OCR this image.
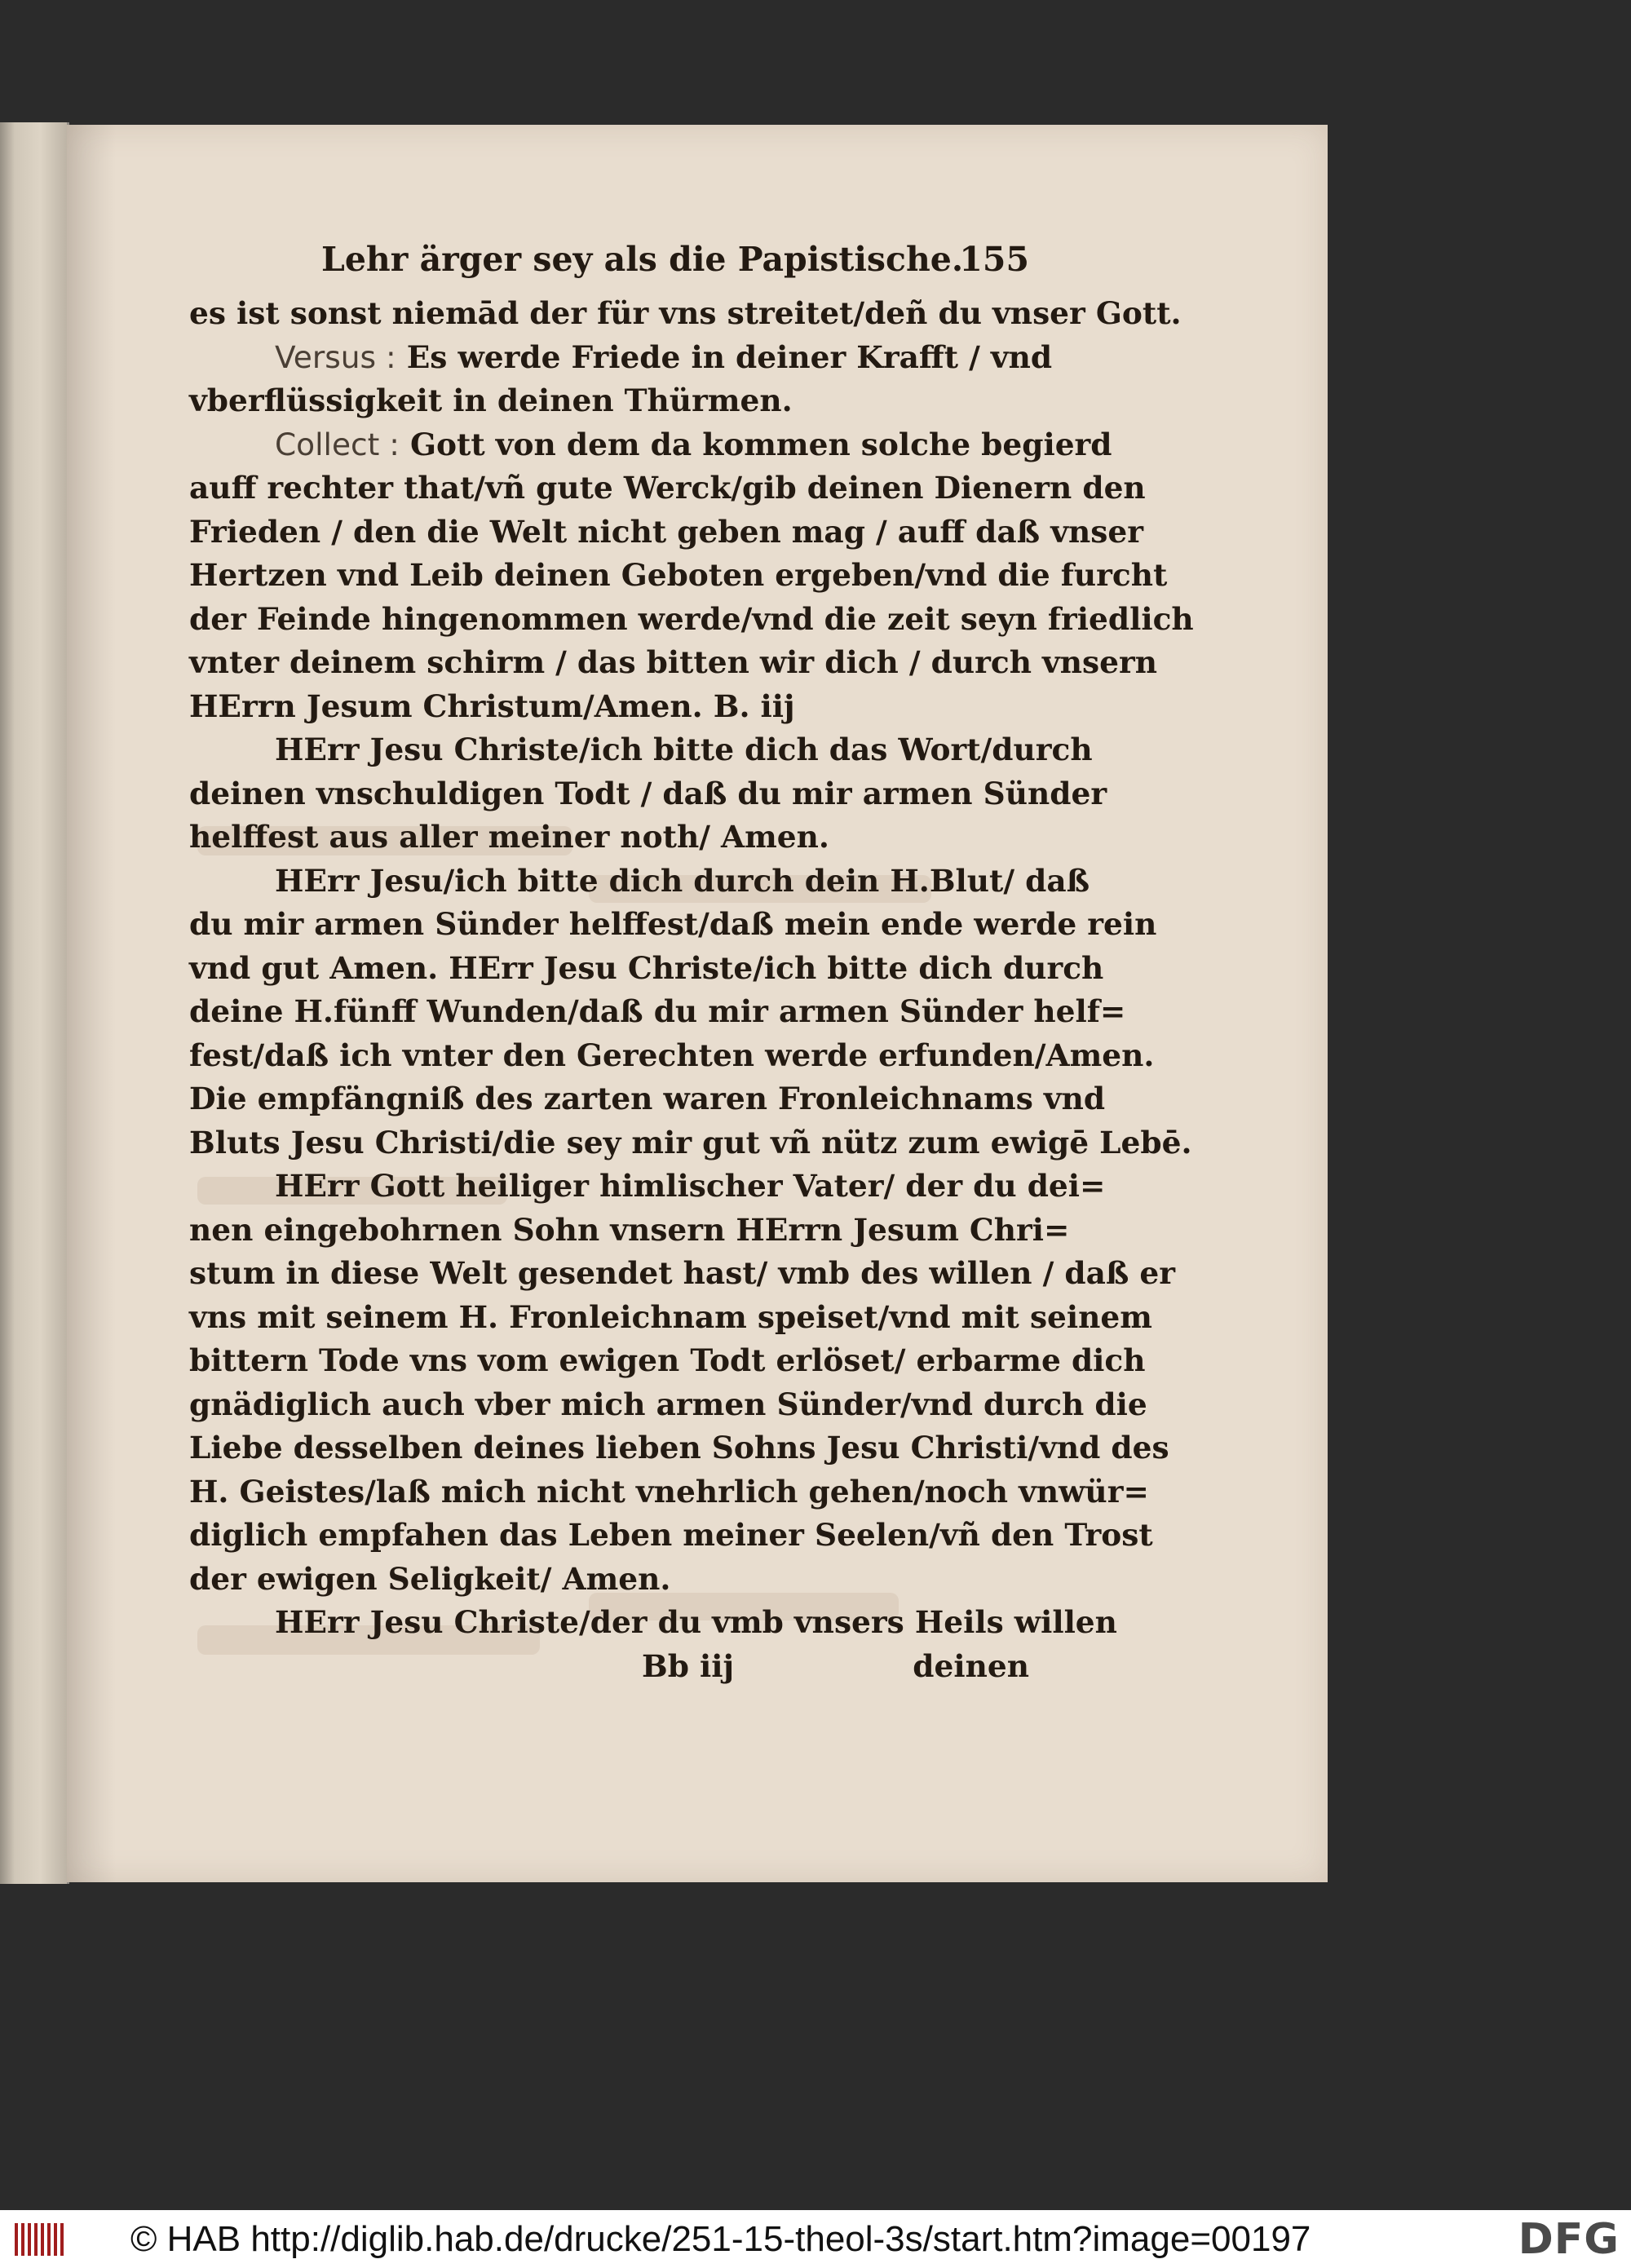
Lehr ärger sey als die Papistische.
155
es ist sonst niemād der für vns streitet/deñ du vnser Gott.
Versus : Es werde Friede in deiner Krafft / vnd
vberflüssigkeit in deinen Thürmen.
Collect : Gott von dem da kommen solche begierd
auff rechter that/vñ gute Werck/gib deinen Dienern den
Frieden / den die Welt nicht geben mag / auff daß vnser
Hertzen vnd Leib deinen Geboten ergeben/vnd die furcht
der Feinde hingenommen werde/vnd die zeit seyn friedlich
vnter deinem schirm / das bitten wir dich / durch vnsern
HErrn Jesum Christum/Amen. B. iij
HErr Jesu Christe/ich bitte dich das Wort/durch
deinen vnschuldigen Todt / daß du mir armen Sünder
helffest aus aller meiner noth/ Amen.
HErr Jesu/ich bitte dich durch dein H.Blut/ daß
du mir armen Sünder helffest/daß mein ende werde rein
vnd gut Amen. HErr Jesu Christe/ich bitte dich durch
deine H.fünff Wunden/daß du mir armen Sünder helf=
fest/daß ich vnter den Gerechten werde erfunden/Amen.
Die empfängniß des zarten waren Fronleichnams vnd
Bluts Jesu Christi/die sey mir gut vñ nütz zum ewigē Lebē.
HErr Gott heiliger himlischer Vater/ der du dei=
nen eingebohrnen Sohn vnsern HErrn Jesum Chri=
stum in diese Welt gesendet hast/ vmb des willen / daß er
vns mit seinem H. Fronleichnam speiset/vnd mit seinem
bittern Tode vns vom ewigen Todt erlöset/ erbarme dich
gnädiglich auch vber mich armen Sünder/vnd durch die
Liebe desselben deines lieben Sohns Jesu Christi/vnd des
H. Geistes/laß mich nicht vnehrlich gehen/noch vnwür=
diglich empfahen das Leben meiner Seelen/vñ den Trost
der ewigen Seligkeit/ Amen.
HErr Jesu Christe/der du vmb vnsers Heils willen
Bb iij	deinen
© HAB http://diglib.hab.de/drucke/251-15-theol-3s/start.htm?image=00197	DFG
